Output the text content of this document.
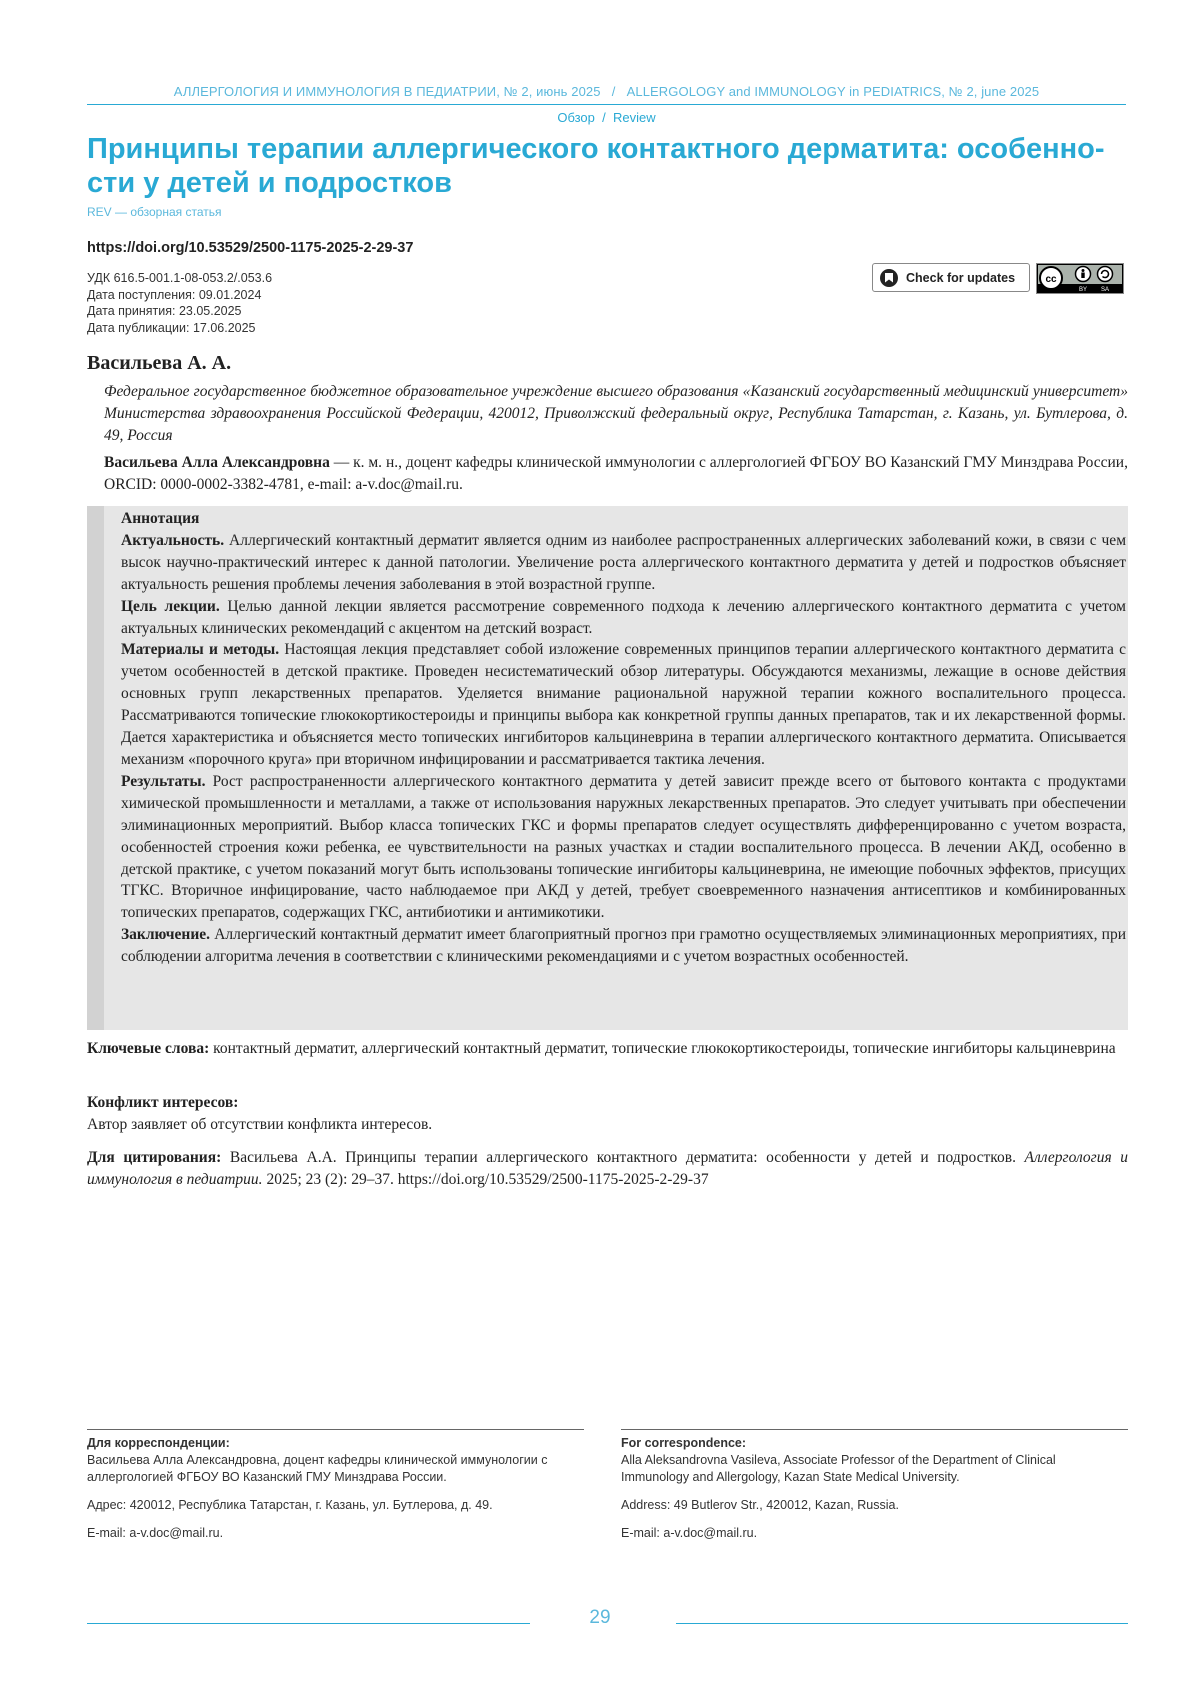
АЛЛЕРГОЛОГИЯ И ИММУНОЛОГИЯ В ПЕДИАТРИИ, № 2, июнь 2025 / ALLERGOLOGY and IMMUNOLOGY in PEDIATRICS, № 2, june 2025
Обзор / Review
Принципы терапии аллергического контактного дерматита: особенно-
сти у детей и подростков
REV — обзорная статья
https://doi.org/10.53529/2500-1175-2025-2-29-37
УДК 616.5-001.1-08-053.2/.053.6
Дата поступления: 09.01.2024
Дата принятия: 23.05.2025
Дата публикации: 17.06.2025
Check for updates	cc
BY SA
Васильева А. А.
Федеральное государственное бюджетное образовательное учреждение высшего образования «Казанский государственный медицинский университет» Министерства здравоохранения Российской Федерации, 420012, Приволжский федеральный округ, Республика Татарстан, г. Казань, ул. Бутлерова, д. 49, Россия
Васильева Алла Александровна — к. м. н., доцент кафедры клинической иммунологии с аллергологией ФГБОУ ВО Казанский ГМУ Минздрава России, ORCID: 0000-0002-3382-4781, e-mail: a-v.doc@mail.ru.

Аннотация

Актуальность. Аллергический контактный дерматит является одним из наиболее распространенных аллергических заболеваний кожи, в связи с чем высок научно-практический интерес к данной патологии. Увеличение роста аллергического контактного дерматита у детей и подростков объясняет актуальность решения проблемы лечения заболевания в этой возрастной группе.

Цель лекции. Целью данной лекции является рассмотрение современного подхода к лечению аллергического контактного дерматита с учетом актуальных клинических рекомендаций с акцентом на детский возраст.

Материалы и методы. Настоящая лекция представляет собой изложение современных принципов терапии аллергического контактного дерматита с учетом особенностей в детской практике. Проведен несистематический обзор литературы. Обсуждаются механизмы, лежащие в основе действия основных групп лекарственных препаратов. Уделяется внимание рациональной наружной терапии кожного воспалительного процесса. Рассматриваются топические глюкокортикостероиды и принципы выбора как конкретной группы данных препаратов, так и их лекарственной формы. Дается характеристика и объясняется место топических ингибиторов кальциневрина в терапии аллергического контактного дерматита. Описывается механизм «порочного круга» при вторичном инфицировании и рассматривается тактика лечения.

Результаты. Рост распространенности аллергического контактного дерматита у детей зависит прежде всего от бытового контакта с продуктами химической промышленности и металлами, а также от использования наружных лекарственных препаратов. Это следует учитывать при обеспечении элиминационных мероприятий. Выбор класса топических ГКС и формы препаратов следует осуществлять дифференцированно с учетом возраста, особенностей строения кожи ребенка, ее чувствительности на разных участках и стадии воспалительного процесса. В лечении АКД, особенно в детской практике, с учетом показаний могут быть использованы топические ингибиторы кальциневрина, не имеющие побочных эффектов, присущих ТГКС. Вторичное инфицирование, часто наблюдаемое при АКД у детей, требует своевременного назначения антисептиков и комбинированных топических препаратов, содержащих ГКС, антибиотики и антимикотики.

Заключение. Аллергический контактный дерматит имеет благоприятный прогноз при грамотно осуществляемых элиминационных мероприятиях, при соблюдении алгоритма лечения в соответствии с клиническими рекомендациями и с учетом возрастных особенностей.

Ключевые слова: контактный дерматит, аллергический контактный дерматит, топические глюкокортикостероиды, топические ингибиторы кальциневрина

Конфликт интересов:

Автор заявляет об отсутствии конфликта интересов.

Для цитирования: Васильева А.А. Принципы терапии аллергического контактного дерматита: особенности у детей и подростков. Аллергология и иммунология в педиатрии. 2025; 23 (2): 29–37. https://doi.org/10.53529/2500-1175-2025-2-29-37

Для корреспонденции:

Васильева Алла Александровна, доцент кафедры клинической иммунологии с аллергологией ФГБОУ ВО Казанский ГМУ Минздрава России.

Адрес: 420012, Республика Татарстан, г. Казань, ул. Бутлерова, д. 49.

E-mail: a-v.doc@mail.ru.

For correspondence:

Alla Aleksandrovna Vasileva, Associate Professor of the Department of Clinical Immunology and Allergology, Kazan State Medical University.

Address: 49 Butlerov Str., 420012, Kazan, Russia.

E-mail: a-v.doc@mail.ru.

29
